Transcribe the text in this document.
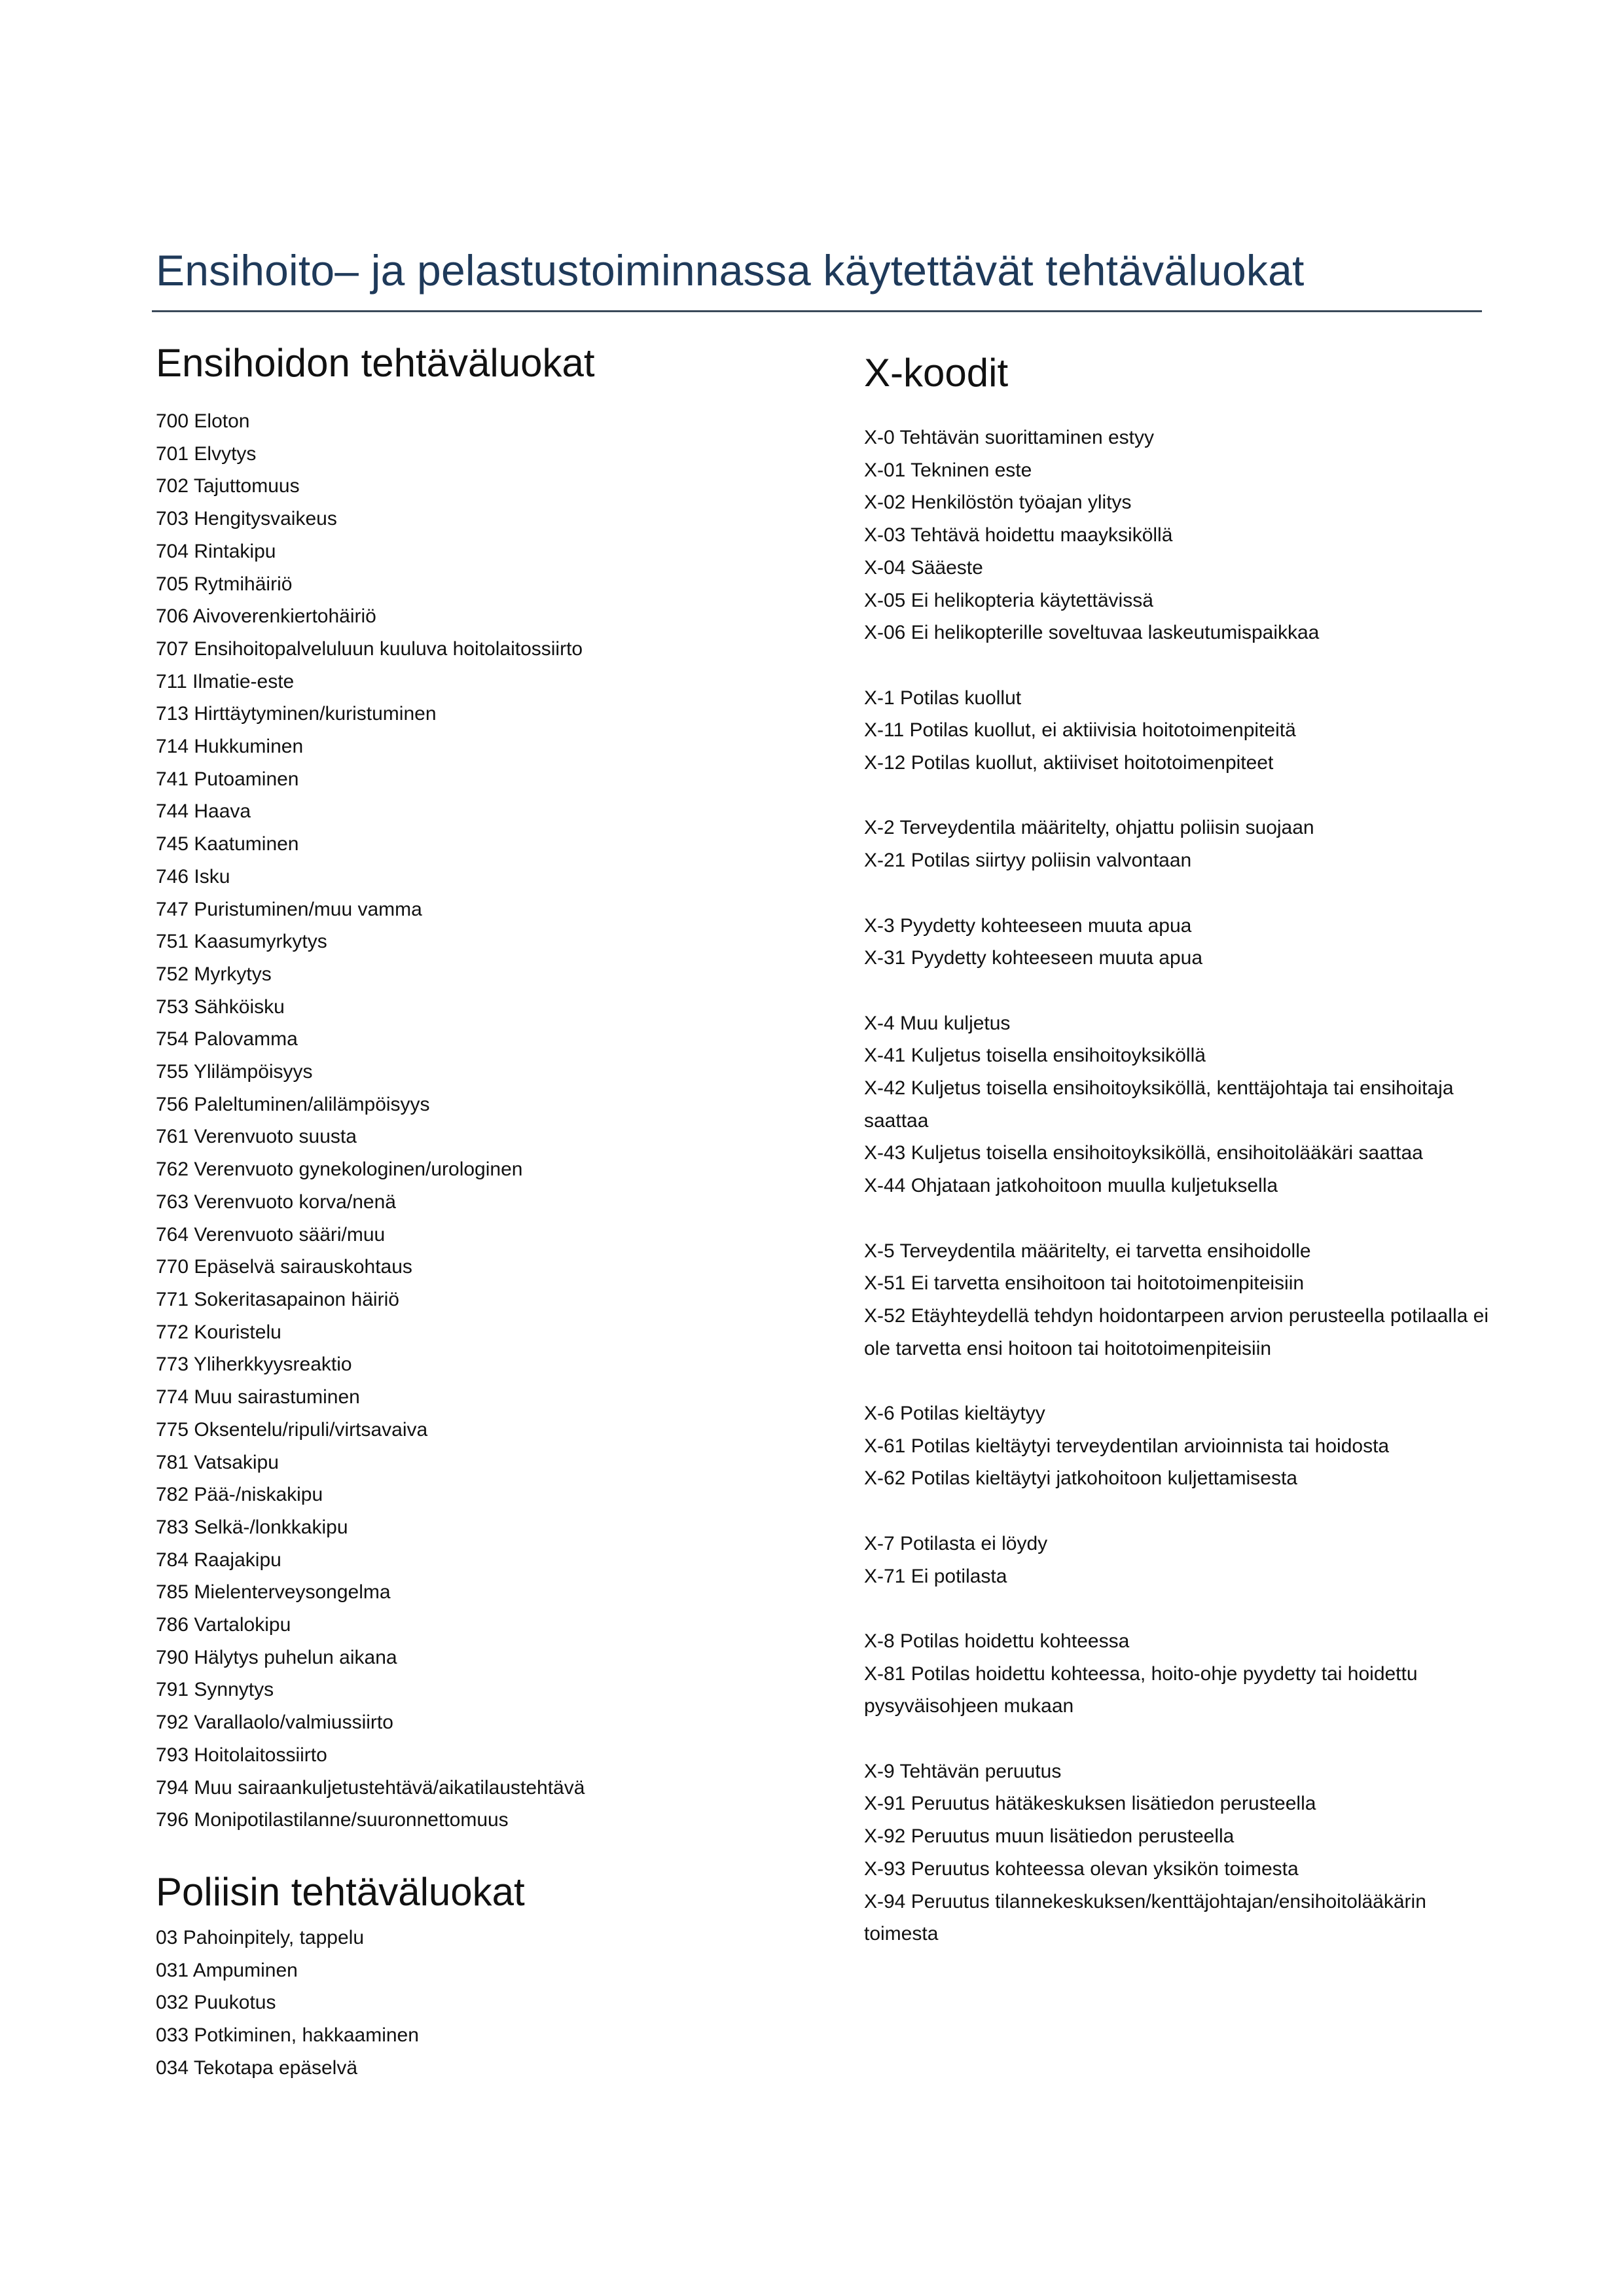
Ensihoito– ja pelastustoiminnassa käytettävät tehtäväluokat
Ensihoidon tehtäväluokat
700 Eloton
701 Elvytys
702 Tajuttomuus
703 Hengitysvaikeus
704 Rintakipu
705 Rytmihäiriö
706 Aivoverenkiertohäiriö
707 Ensihoitopalveluluun kuuluva hoitolaitossiirto
711 Ilmatie-este
713 Hirttäytyminen/kuristuminen
714 Hukkuminen
741 Putoaminen
744 Haava
745 Kaatuminen
746 Isku
747 Puristuminen/muu vamma
751 Kaasumyrkytys
752 Myrkytys
753 Sähköisku
754 Palovamma
755 Ylilämpöisyys
756 Paleltuminen/alilämpöisyys
761 Verenvuoto suusta
762 Verenvuoto gynekologinen/urologinen
763 Verenvuoto korva/nenä
764 Verenvuoto sääri/muu
770 Epäselvä sairauskohtaus
771 Sokeritasapainon häiriö
772 Kouristelu
773 Yliherkkyysreaktio
774 Muu sairastuminen
775 Oksentelu/ripuli/virtsavaiva
781 Vatsakipu
782 Pää-/niskakipu
783 Selkä-/lonkkakipu
784 Raajakipu
785 Mielenterveysongelma
786 Vartalokipu
790 Hälytys puhelun aikana
791 Synnytys
792 Varallaolo/valmiussiirto
793 Hoitolaitossiirto
794 Muu sairaankuljetustehtävä/aikatilaustehtävä
796 Monipotilastilanne/suuronnettomuus
Poliisin tehtäväluokat
03 Pahoinpitely, tappelu
031 Ampuminen
032 Puukotus
033 Potkiminen, hakkaaminen
034 Tekotapa epäselvä
X-koodit
X-0 Tehtävän suorittaminen estyy
X-01 Tekninen este
X-02 Henkilöstön työajan ylitys
X-03 Tehtävä hoidettu maayksiköllä
X-04 Sääeste
X-05 Ei helikopteria käytettävissä
X-06 Ei helikopterille soveltuvaa laskeutumispaikkaa
X-1 Potilas kuollut
X-11 Potilas kuollut, ei aktiivisia hoitotoimenpiteitä
X-12 Potilas kuollut, aktiiviset hoitotoimenpiteet
X-2 Terveydentila määritelty, ohjattu poliisin suojaan
X-21 Potilas siirtyy poliisin valvontaan
X-3 Pyydetty kohteeseen muuta apua
X-31 Pyydetty kohteeseen muuta apua
X-4 Muu kuljetus
X-41 Kuljetus toisella ensihoitoyksiköllä
X-42 Kuljetus toisella ensihoitoyksiköllä, kenttäjohtaja tai ensihoitaja saattaa
X-43 Kuljetus toisella ensihoitoyksiköllä, ensihoitolääkäri saattaa
X-44 Ohjataan jatkohoitoon muulla kuljetuksella
X-5 Terveydentila määritelty, ei tarvetta ensihoidolle
X-51 Ei tarvetta ensihoitoon tai hoitotoimenpiteisiin
X-52 Etäyhteydellä tehdyn hoidontarpeen arvion perusteella potilaalla ei ole tarvetta ensi hoitoon tai hoitotoimenpiteisiin
X-6 Potilas kieltäytyy
X-61 Potilas kieltäytyi terveydentilan arvioinnista tai hoidosta
X-62 Potilas kieltäytyi jatkohoitoon kuljettamisesta
X-7 Potilasta ei löydy
X-71 Ei potilasta
X-8 Potilas hoidettu kohteessa
X-81 Potilas hoidettu kohteessa, hoito-ohje pyydetty tai hoidettu pysyväisohjeen mukaan
X-9 Tehtävän peruutus
X-91 Peruutus hätäkeskuksen lisätiedon perusteella
X-92 Peruutus muun lisätiedon perusteella
X-93 Peruutus kohteessa olevan yksikön toimesta
X-94 Peruutus tilannekeskuksen/kenttäjohtajan/ensihoitolääkärin toimesta
